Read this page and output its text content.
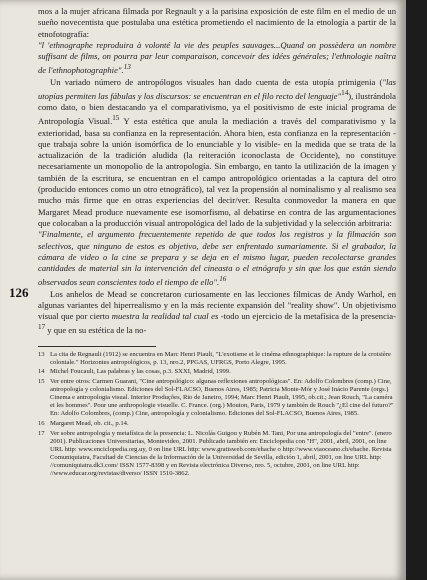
126

mos a la mujer africana filmada por Regnault y a la parisina exposición de este film en el medio de un sueño novecentista que postulaba una estética prometiendo el nacimiento de la etnología a partir de la etnofotografía:

"l 'ethnographe reproduira à volonté la vie des peuples sauvages...Quand on possèdera un nombre suffisant de films, on pourra par leur comparaison, concevoir des idées générales; l'ethnologie naîtra de l'ethnophotographie".$^{13}$

Un variado número de antropólogos visuales han dado cuenta de esta utopía primigenia ("las utopías permiten las fábulas y los discursos: se encuentran en el filo recto del lenguaje"$^{14}$), ilustrándola como dato, o bien destacando ya el comparativismo, ya el positivismo de este inicial programa de Antropología Visual.$^{15}$ Y esta estética que anula la mediación a través del comparativismo y la exterioridad, basa su confianza en la representación. Ahora bien, esta confianza en la representación -que trabaja sobre la unión isomórfica de lo enunciable y lo visible- en la medida que se trata de la actualización de la tradición aludida (la reiteración iconoclasta de Occidente), no constituye necesariamente un monopolio de la antropología. Sin embargo, en tanto la utilización de la imagen y también de la escritura, se encuentran en el campo antropológico orientadas a la captura del otro (producido entonces como un otro etnográfico), tal vez la propensión al nominalismo y al realismo sea mucho más firme que en otras experiencias del decir/ver. Resulta conmovedor la manera en que Margaret Mead produce nuevamente ese isomorfismo, al debatirse en contra de las argumentaciones que colocaban a la producción visual antropológica del lado de la subjetividad y la selección arbitraria:

"Finalmente, el argumento frecuentemente repetido de que todos los registros y la filmación son selectivos, que ninguno de estos es objetivo, debe ser enfrentado sumariamente. Si el grabador, la cámara de video o la cine se prepara y se deja en el mismo lugar, pueden recolectarse grandes cantidades de material sin la intervención del cineasta o el etnógrafo y sin que los que están siendo observados sean conscientes todo el tiempo de ello".$^{16}$

Los anhelos de Mead se concretaron curiosamente en las lecciones fílmicas de Andy Warhol, en algunas variantes del hiperrealismo y en la más reciente expansión del "reality show". Un objetivismo visual que por cierto muestra la realidad tal cual es -todo un ejercicio de la metafísica de la presencia-$^{17}$ y que en su estética de la no-

13 La cita de Regnault (1912) se encuentra en Marc Henri Piault, "L'exotisme et le cinéma ethnographique: la rupture de la croisière coloniale." Horizontes antropológicos, p. 13, nro.2, PPGAS, UFRGS, Porto Alegre, 1995.
14 Michel Foucault, Las palabras y las cosas, p.3. SXXI, Madrid, 1999.
15 Ver entre otros: Carmen Guarani, "Cine antropológico: algunas reflexiones antropológicas". En: Adolfo Colombres (comp.) Cine, antropología y colonialismo. Ediciones del Sol-FLACSO, Buenos Aires, 1985; Patricia Monte-Mór y José Inácio Parente (orgs.) Cinema e antropologia visual. Interior Produções, Rio de Janeiro, 1994; Marc Henri Piault, 1995, ob.cit.; Jean Rouch, "La caméra et les hommes". Pour une anthropologie visuelle. C. France. (org.) Mouton, Paris, 1979 y también de Rouch "¿El cine del futuro?" En: Adolfo Colombres, (comp.) Cine, antropología y colonialismo. Ediciones del Sol-FLACSO, Buenos Aires, 1985.
16 Margaret Mead, ob. cit., p.14.
17 Ver sobre antropología y metafísica de la presencia: L. Nicolás Guigou y Rubén M. Tani, Por una antropología del "entre". (enero 2001). Publicaciones Universitarias, Montevideo, 2001. Publicado también en: Enciclopedia con "H", 2001, abril, 2001, on line URL http: www.enciclopedia.org.uy, 0 on line URL http: www.gratisweb.com/ehache o http://www.viaoceano.ch/ehache. Revista Comuniquiatra, Facultad de Ciencias de la Información de la Universidad de Sevilla, edición 1, abril, 2001, on line URL http: //comuniquiatra.dk3.com/ ISSN 1577-8398 y en Revista electrónica Diverso, nro. 5, octubre, 2001, on line URL http: //www.educar.org/revistas/diverso/ ISSN 1510-3862.
